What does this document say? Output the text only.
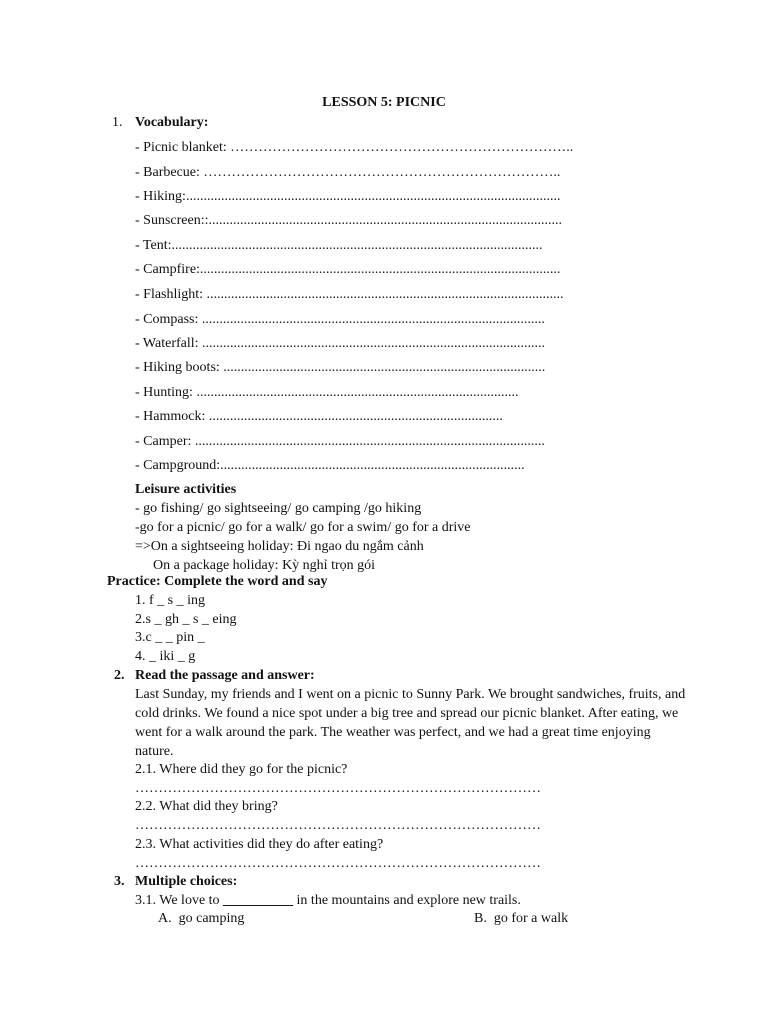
LESSON 5: PICNIC
1. Vocabulary:
- Picnic blanket: ………………………………………………………………..
- Barbecue: …………………………………………………………………..
- Hiking:...........................................................................................................
- Sunscreen::.....................................................................................................
- Tent:..........................................................................................................
- Campfire:.......................................................................................................
- Flashlight: ......................................................................................................
- Compass: ..................................................................................................
- Waterfall: ..................................................................................................
- Hiking boots: ............................................................................................
- Hunting: ............................................................................................
- Hammock: ....................................................................................
- Camper: ....................................................................................................
- Campground:.......................................................................................
Leisure activities
- go fishing/ go sightseeing/ go camping /go hiking
-go for a picnic/ go for a walk/ go for a swim/ go for a drive
=>On a sightseeing holiday: Đi ngao du ngắm cảnh
On a package holiday: Kỳ nghỉ trọn gói
Practice: Complete the word and say
1. f _ s _ ing
2.s _ gh _ s _ eing
3.c _ _ pin _
4. _ iki _ g
2. Read the passage and answer:
Last Sunday, my friends and I went on a picnic to Sunny Park. We brought sandwiches, fruits, and cold drinks. We found a nice spot under a big tree and spread our picnic blanket. After eating, we went for a walk around the park. The weather was perfect, and we had a great time enjoying nature.
2.1. Where did they go for the picnic?
……………………………………………………………………………
2.2. What did they bring?
……………………………………………………………………………
2.3. What activities did they do after eating?
……………………………………………………………………………
3. Multiple choices:
3.1. We love to __________ in the mountains and explore new trails.
A. go camping	B. go for a walk
